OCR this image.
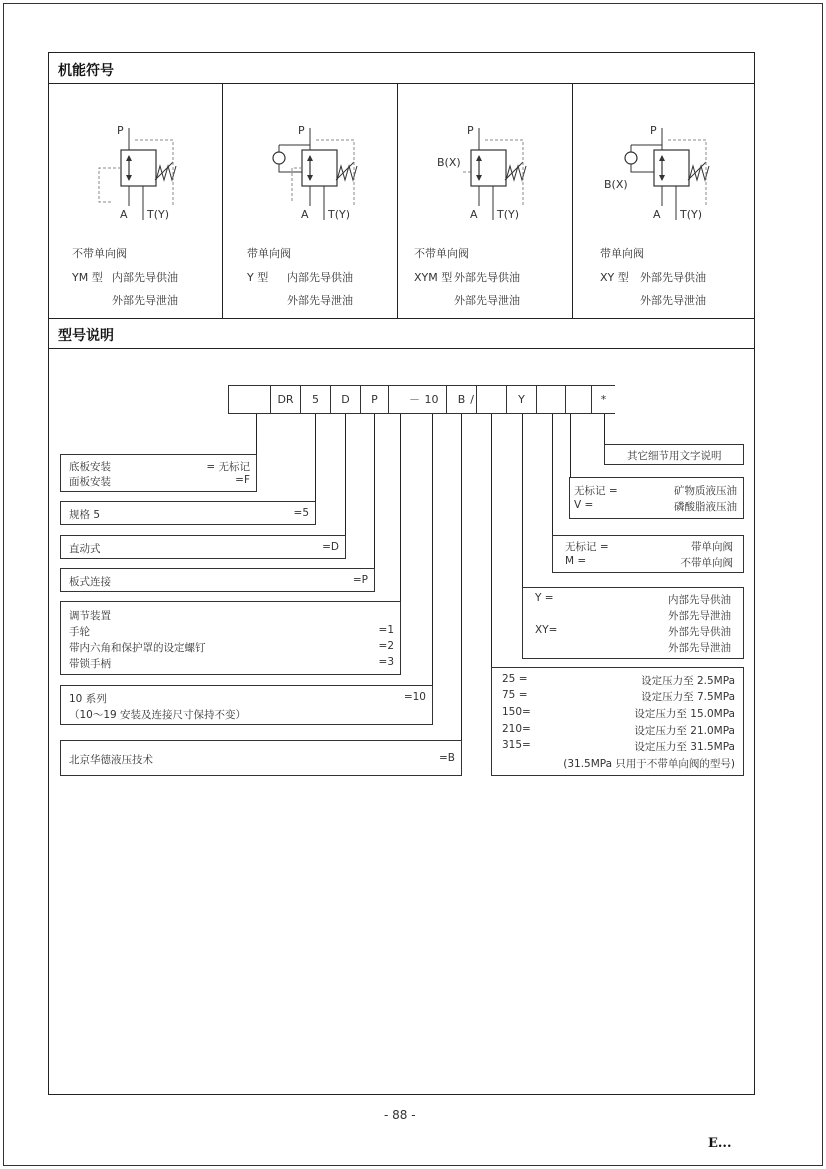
机能符号
P
A T(Y)
不带单向阀
YM 型 内部先导供油
外部先导泄油
P
A T(Y)
带单向阀
Y 型 内部先导供油
外部先导泄油
P
B(X)
A T(Y)
不带单向阀
XYM 型 外部先导供油
外部先导泄油
P
B(X)
A T(Y)
带单向阀
XY 型 外部先导供油
外部先导泄油
型号说明
DR	5	D	P	－ 10	B /	Y	*
底板安装	= 无标记
面板安装	=F
规格 5	=5
直动式	=D
板式连接	=P
调节装置
手轮	=1
带内六角和保护罩的设定螺钉	=2
带锁手柄	=3
10 系列	=10
（10～19 安装及连接尺寸保持不变）
北京华德液压技术	=B
其它细节用文字说明
无标记 =	矿物质液压油
V =	磷酸脂液压油
无标记 =	带单向阀
M =	不带单向阀
Y =	内部先导供油
外部先导泄油
XY=	外部先导供油
外部先导泄油
25 =	设定压力至 2.5MPa
75 =	设定压力至 7.5MPa
150=	设定压力至 15.0MPa
210=	设定压力至 21.0MPa
315=	设定压力至 31.5MPa
(31.5MPa 只用于不带单向阀的型号)
- 88 -
E...
